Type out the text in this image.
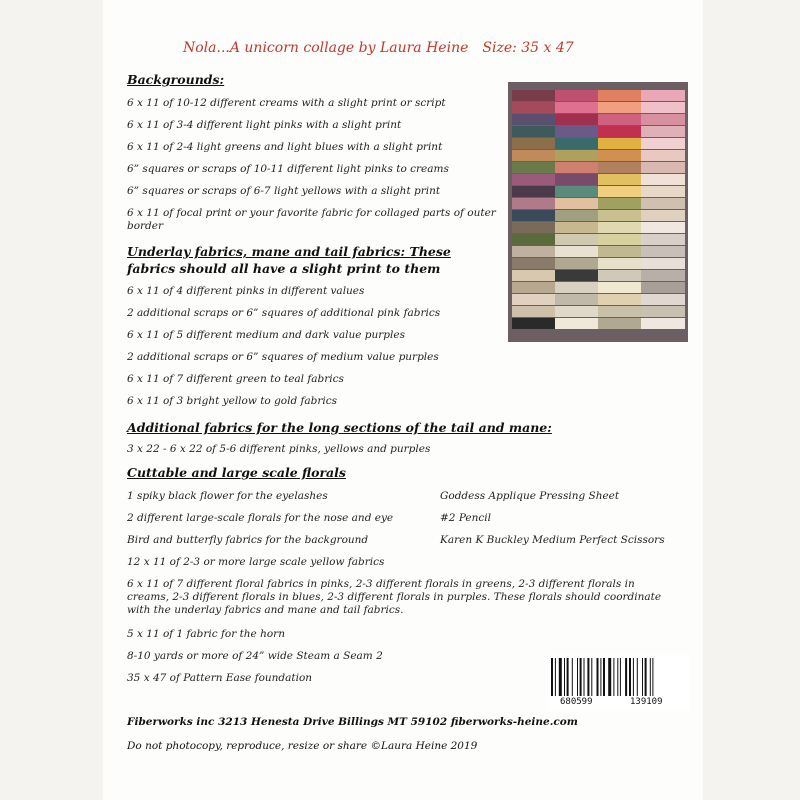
Nola...A unicorn collage by Laura Heine Size: 35 x 47
Backgrounds:
6 x 11 of 10-12 different creams with a slight print or script
6 x 11 of 3-4 different light pinks with a slight print
6 x 11 of 2-4 light greens and light blues with a slight print
6” squares or scraps of 10-11 different light pinks to creams
6” squares or scraps of 6-7 light yellows with a slight print
6 x 11 of focal print or your favorite fabric for collaged parts of outer border
Underlay fabrics, mane and tail fabrics: These
fabrics should all have a slight print to them
6 x 11 of 4 different pinks in different values
2 additional scraps or 6” squares of additional pink fabrics
6 x 11 of 5 different medium and dark value purples
2 additional scraps or 6” squares of medium value purples
6 x 11 of 7 different green to teal fabrics
6 x 11 of 3 bright yellow to gold fabrics
Additional fabrics for the long sections of the tail and mane:
3 x 22 - 6 x 22 of 5-6 different pinks, yellows and purples
Cuttable and large scale florals
1 spiky black flower for the eyelashes
2 different large-scale florals for the nose and eye
Bird and butterfly fabrics for the background
12 x 11 of 2-3 or more large scale yellow fabrics
6 x 11 of 7 different floral fabrics in pinks, 2-3 different florals in greens, 2-3 different florals in creams, 2-3 different florals in blues, 2-3 different florals in purples. These florals should coordinate with the underlay fabrics and mane and tail fabrics.
5 x 11 of 1 fabric for the horn
8-10 yards or more of 24” wide Steam a Seam 2
35 x 47 of Pattern Ease foundation
Goddess Applique Pressing Sheet
#2 Pencil
Karen K Buckley Medium Perfect Scissors
680599	139109
Fiberworks inc 3213 Henesta Drive Billings MT 59102 fiberworks-heine.com
Do not photocopy, reproduce, resize or share ©Laura Heine 2019
